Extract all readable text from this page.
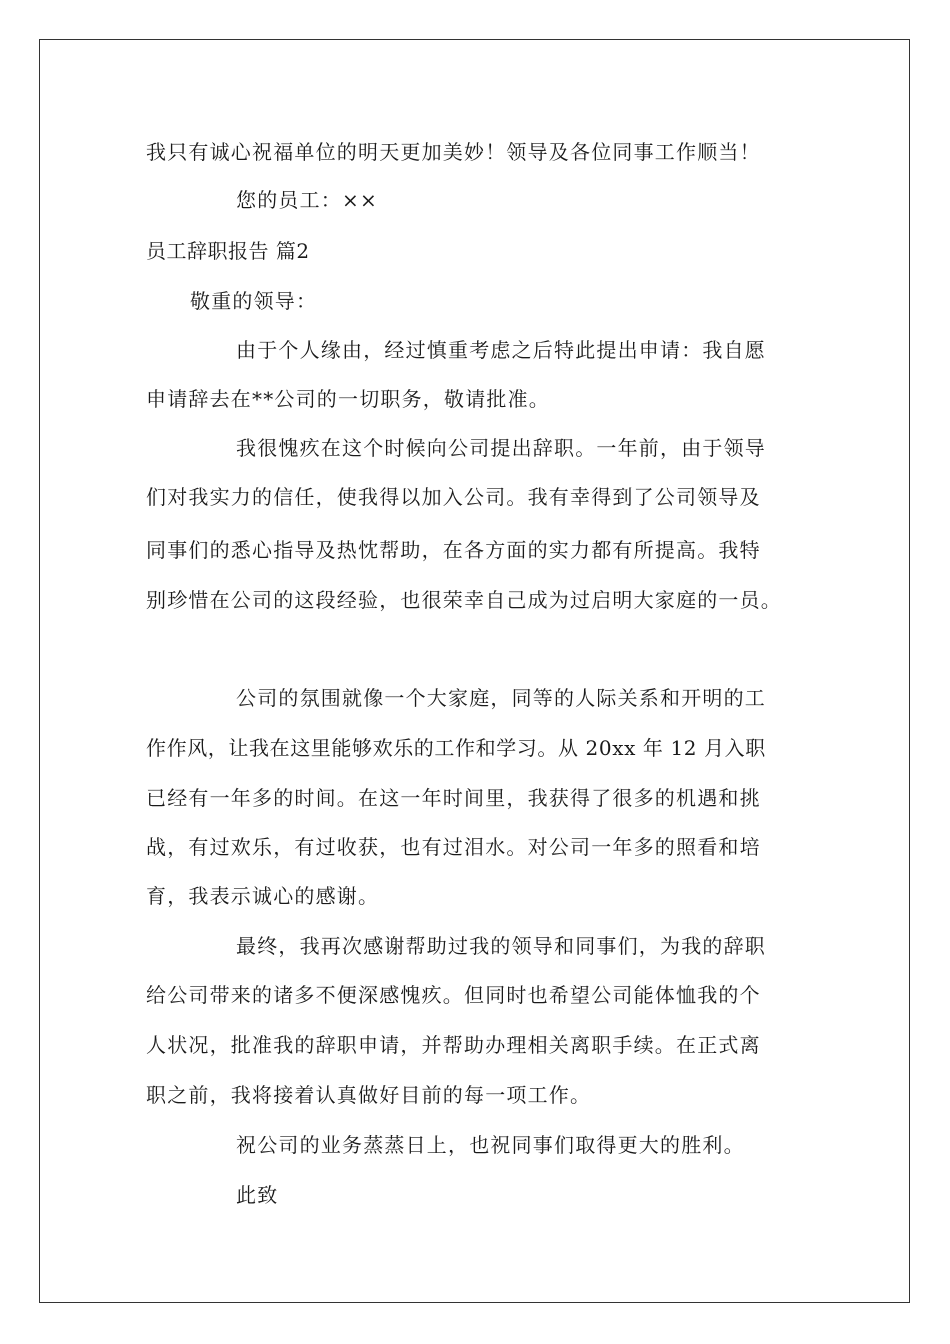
我只有诚心祝福单位的明天更加美妙！领导及各位同事工作顺当！
您的员工：××
员工辞职报告 篇2
敬重的领导：
由于个人缘由，经过慎重考虑之后特此提出申请：我自愿
申请辞去在**公司的一切职务，敬请批准。
我很愧疚在这个时候向公司提出辞职。一年前，由于领导
们对我实力的信任，使我得以加入公司。我有幸得到了公司领导及
同事们的悉心指导及热忱帮助，在各方面的实力都有所提高。我特
别珍惜在公司的这段经验，也很荣幸自己成为过启明大家庭的一员。
公司的氛围就像一个大家庭，同等的人际关系和开明的工
作作风，让我在这里能够欢乐的工作和学习。从 20xx 年 12 月入职
已经有一年多的时间。在这一年时间里，我获得了很多的机遇和挑
战，有过欢乐，有过收获，也有过泪水。对公司一年多的照看和培
育，我表示诚心的感谢。
最终，我再次感谢帮助过我的领导和同事们，为我的辞职
给公司带来的诸多不便深感愧疚。但同时也希望公司能体恤我的个
人状况，批准我的辞职申请，并帮助办理相关离职手续。在正式离
职之前，我将接着认真做好目前的每一项工作。
祝公司的业务蒸蒸日上，也祝同事们取得更大的胜利。
此致
